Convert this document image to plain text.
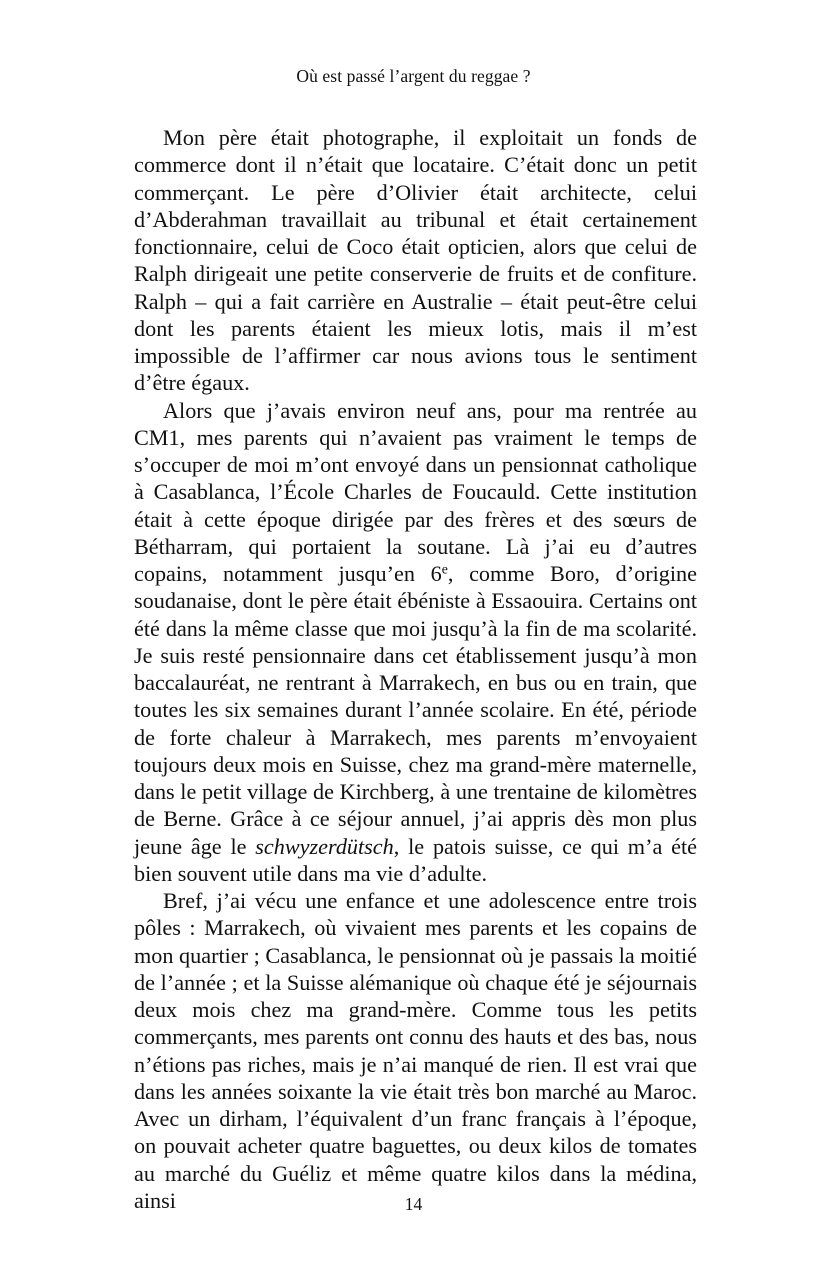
Où est passé l’argent du reggae ?

Mon père était photographe, il exploitait un fonds de commerce dont il n’était que locataire. C’était donc un petit commerçant. Le père d’Olivier était architecte, celui d’Abderahman travaillait au tribunal et était certainement fonctionnaire, celui de Coco était opticien, alors que celui de Ralph dirigeait une petite conserverie de fruits et de confiture. Ralph – qui a fait carrière en Australie – était peut-être celui dont les parents étaient les mieux lotis, mais il m’est impossible de l’affirmer car nous avions tous le sentiment d’être égaux.

Alors que j’avais environ neuf ans, pour ma rentrée au CM1, mes parents qui n’avaient pas vraiment le temps de s’occuper de moi m’ont envoyé dans un pensionnat catholique à Casablanca, l’École Charles de Foucauld. Cette institution était à cette époque dirigée par des frères et des sœurs de Bétharram, qui portaient la soutane. Là j’ai eu d’autres copains, notamment jusqu’en 6e, comme Boro, d’origine soudanaise, dont le père était ébéniste à Essaouira. Certains ont été dans la même classe que moi jusqu’à la fin de ma scolarité. Je suis resté pensionnaire dans cet établissement jusqu’à mon baccalauréat, ne rentrant à Marrakech, en bus ou en train, que toutes les six semaines durant l’année scolaire. En été, période de forte chaleur à Marrakech, mes parents m’envoyaient toujours deux mois en Suisse, chez ma grand-mère maternelle, dans le petit village de Kirchberg, à une trentaine de kilomètres de Berne. Grâce à ce séjour annuel, j’ai appris dès mon plus jeune âge le schwyzerdütsch, le patois suisse, ce qui m’a été bien souvent utile dans ma vie d’adulte.

Bref, j’ai vécu une enfance et une adolescence entre trois pôles : Marrakech, où vivaient mes parents et les copains de mon quartier ; Casablanca, le pensionnat où je passais la moitié de l’année ; et la Suisse alémanique où chaque été je séjournais deux mois chez ma grand-mère. Comme tous les petits commerçants, mes parents ont connu des hauts et des bas, nous n’étions pas riches, mais je n’ai manqué de rien. Il est vrai que dans les années soixante la vie était très bon marché au Maroc. Avec un dirham, l’équivalent d’un franc français à l’époque, on pouvait acheter quatre baguettes, ou deux kilos de tomates au marché du Guéliz et même quatre kilos dans la médina, ainsi	14
